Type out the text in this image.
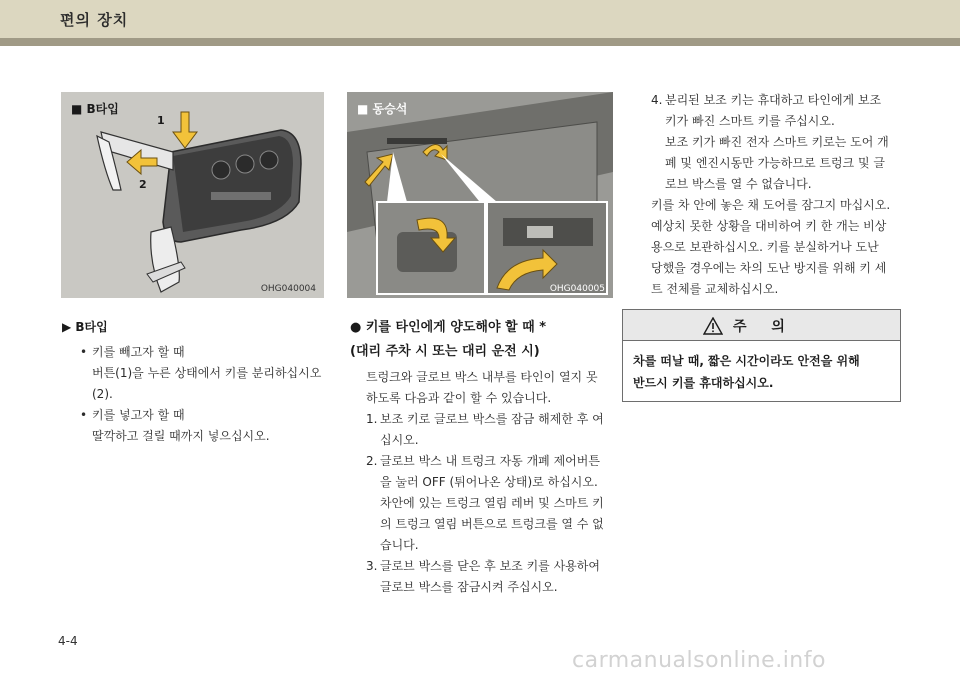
편의 장치
1
2
■ B타입
OHG040004
■ 동승석
OHG040005
▶ B타입
• 키를 빼고자 할 때

버튼(1)을 누른 상태에서 키를 분리하십시오

(2).

• 키를 넣고자 할 때

딸깍하고 걸릴 때까지 넣으십시오.

● 키를 타인에게 양도해야 할 때 *

(대리 주차 시 또는 대리 운전 시)

트렁크와 글로브 박스 내부를 타인이 열지 못

하도록 다음과 같이 할 수 있습니다.

1. 보조 키로 글로브 박스를 잠금 해제한 후 여

십시오.

2. 글로브 박스 내 트렁크 자동 개폐 제어버튼

을 눌러 OFF (튀어나온 상태)로 하십시오.

차안에 있는 트렁크 열림 레버 및 스마트 키

의 트렁크 열림 버튼으로 트렁크를 열 수 없

습니다.

3. 글로브 박스를 닫은 후 보조 키를 사용하여

글로브 박스를 잠금시켜 주십시오.

4. 분리된 보조 키는 휴대하고 타인에게 보조

키가 빠진 스마트 키를 주십시오.

보조 키가 빠진 전자 스마트 키로는 도어 개

폐 및 엔진시동만 가능하므로 트렁크 및 글

로브 박스를 열 수 없습니다.

키를 차 안에 놓은 채 도어를 잠그지 마십시오.

예상치 못한 상황을 대비하여 키 한 개는 비상

용으로 보관하십시오. 키를 분실하거나 도난

당했을 경우에는 차의 도난 방지를 위해 키 세

트 전체를 교체하십시오.

주 의

차를 떠날 때, 짧은 시간이라도 안전을 위해

반드시 키를 휴대하십시오.

4-4
carmanualsonline.info
